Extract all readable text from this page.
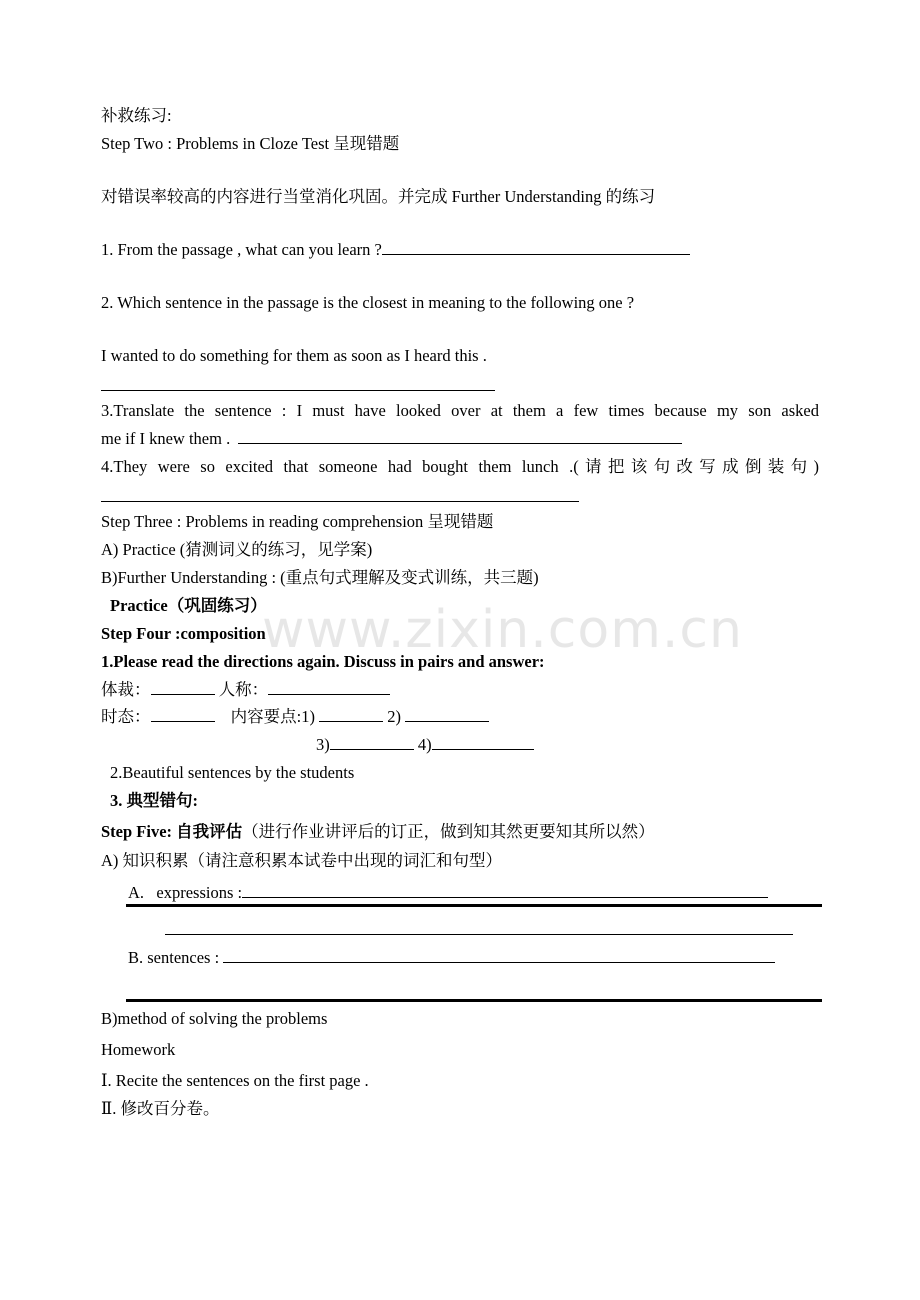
www.zixin.com.cn
补救练习:
Step Two : Problems in Cloze Test 呈现错题
对错误率较高的内容进行当堂消化巩固。并完成 Further Understanding 的练习
1. From the passage , what can you learn ?
2. Which sentence in the passage is the closest in meaning to the following one ?
I wanted to do something for them as soon as I heard this .
3.Translate the sentence : I must have looked over at them a few times because my son asked
me if I knew them .
4.They were so excited that someone had bought them lunch .(请把该句改写成倒装句)
Step Three : Problems in reading comprehension 呈现错题
A) Practice (猜测词义的练习，见学案)
B)Further Understanding : (重点句式理解及变式训练，共三题)
Practice（巩固练习）
Step Four :composition
1.Please read the directions again. Discuss in pairs and answer:
体裁：	人称：
时态：	内容要点:1)	2)
3)	4)
2.Beautiful sentences by the students
3. 典型错句:
Step Five: 自我评估（进行作业讲评后的订正，做到知其然更要知其所以然）
A) 知识积累（请注意积累本试卷中出现的词汇和句型）
A.   expressions :
B. sentences :
B)method of solving the problems
Homework
Ⅰ. Recite the sentences on the first page .
Ⅱ. 修改百分卷。
